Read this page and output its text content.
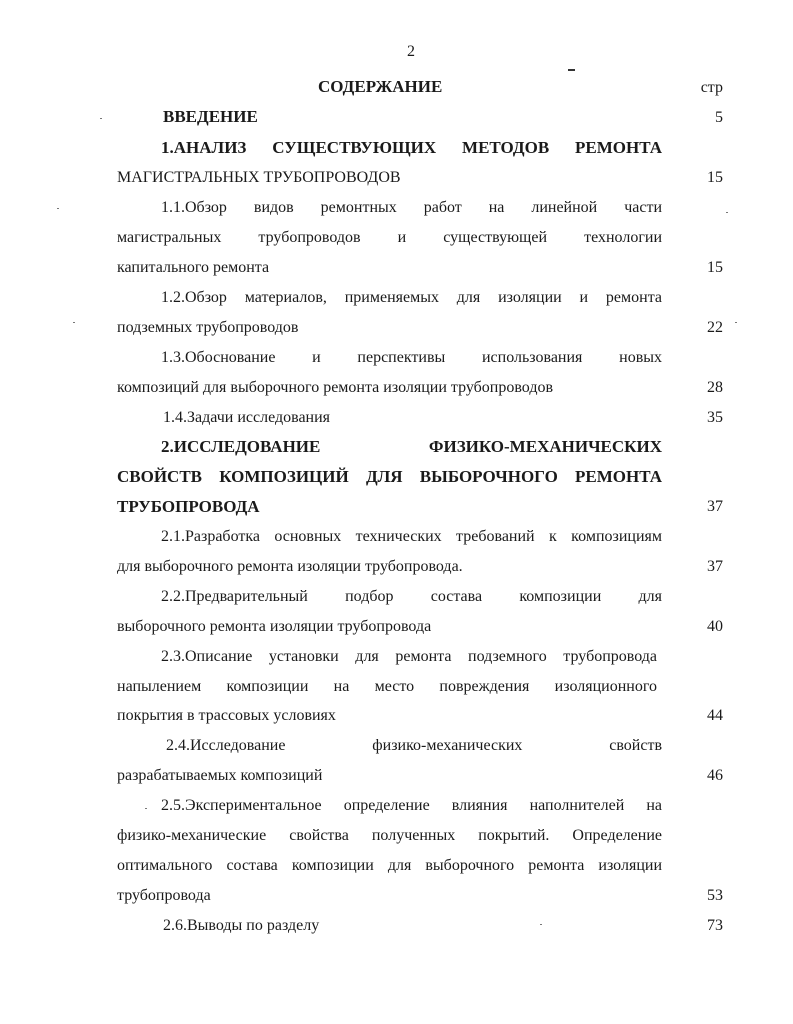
2
СОДЕРЖАНИЕ	стр
ВВЕДЕНИЕ	5
1.АНАЛИЗ СУЩЕСТВУЮЩИХ МЕТОДОВ РЕМОНТА
МАГИСТРАЛЬНЫХ ТРУБОПРОВОДОВ	15
1.1.Обзор видов ремонтных работ на линейной части
магистральных трубопроводов и существующей технологии
капитального ремонта	15
1.2.Обзор материалов, применяемых для изоляции и ремонта
подземных трубопроводов	22
1.3.Обоснование и перспективы использования новых
композиций для выборочного ремонта изоляции трубопроводов	28
1.4.Задачи исследования	35
2.ИССЛЕДОВАНИЕ ФИЗИКО-МЕХАНИЧЕСКИХ
СВОЙСТВ КОМПОЗИЦИЙ ДЛЯ ВЫБОРОЧНОГО РЕМОНТА
ТРУБОПРОВОДА	37
2.1.Разработка основных технических требований к композициям
для выборочного ремонта изоляции трубопровода.	37
2.2.Предварительный подбор состава композиции для
выборочного ремонта изоляции трубопровода	40
2.3.Описание установки для ремонта подземного трубопровода
напылением композиции на место повреждения изоляционного
покрытия в трассовых условиях	44
2.4.Исследование физико-механических свойств
разрабатываемых композиций	46
2.5.Экспериментальное определение влияния наполнителей на
физико-механические свойства полученных покрытий. Определение
оптимального состава композиции для выборочного ремонта изоляции
трубопровода	53
2.6.Выводы по разделу	73
